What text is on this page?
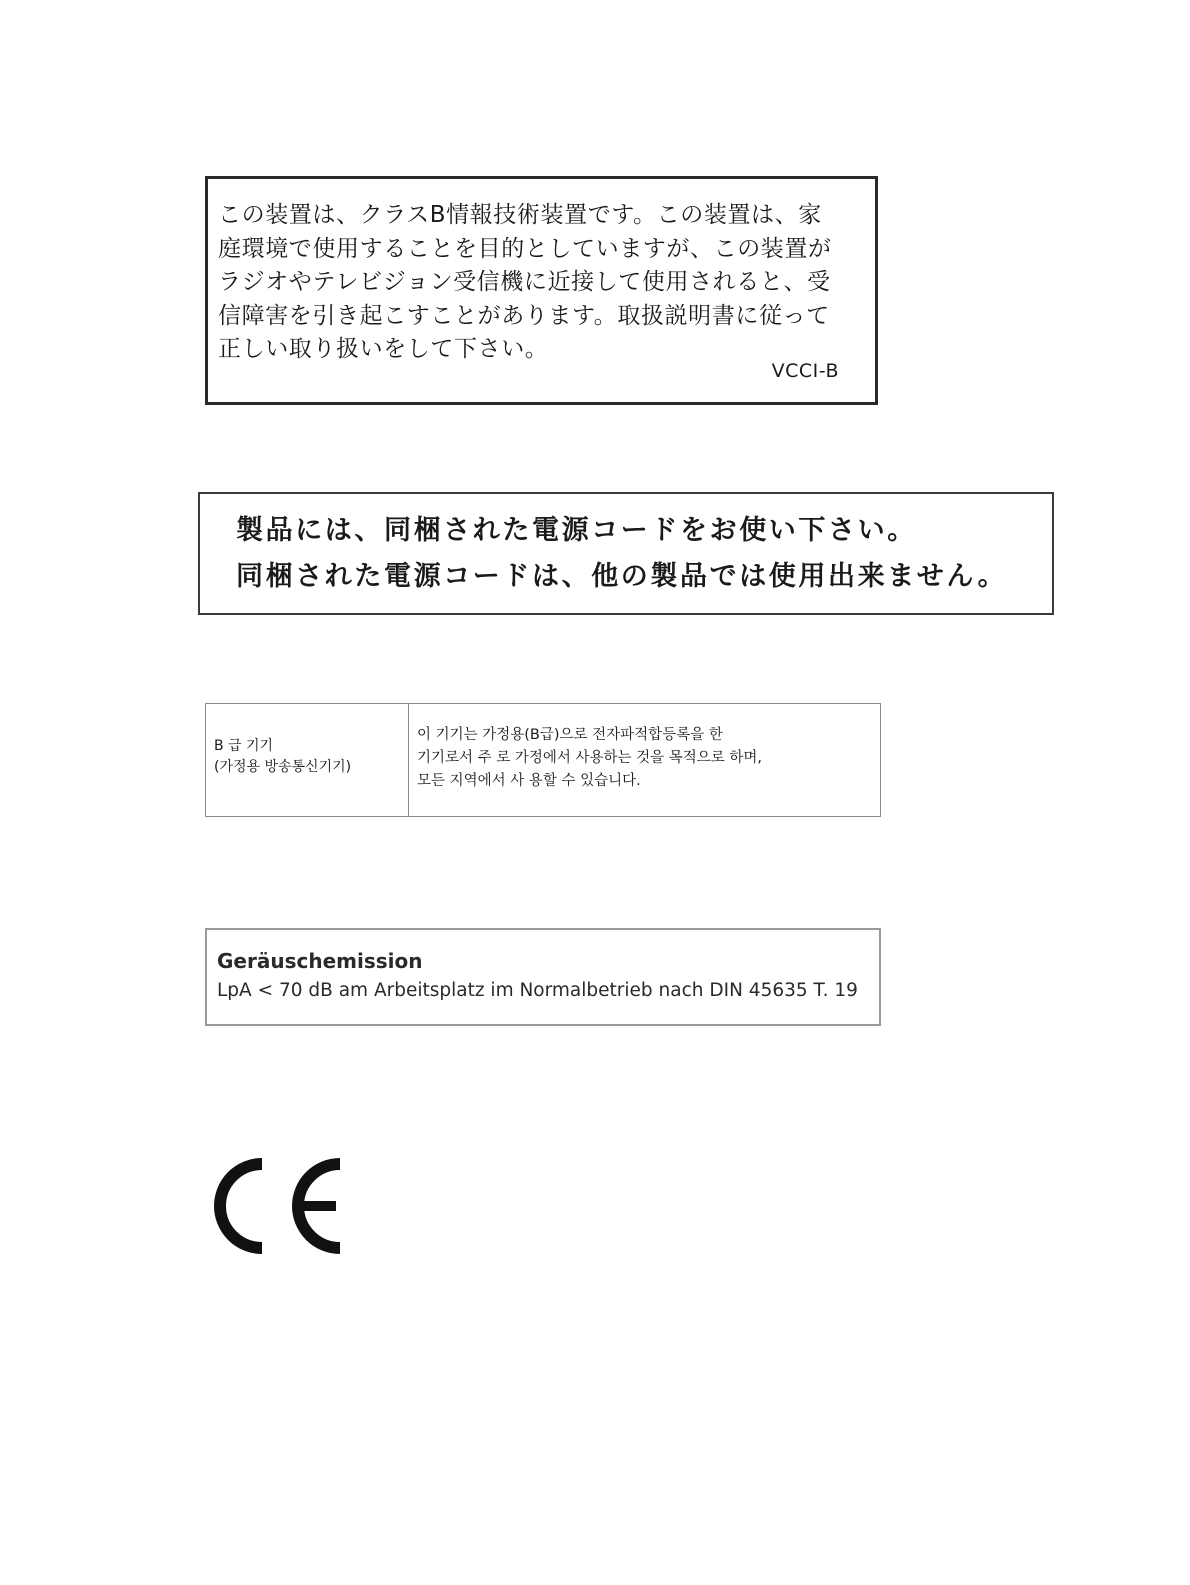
この装置は、クラスB情報技術装置です。この装置は、家
庭環境で使用することを目的としていますが、この装置が
ラジオやテレビジョン受信機に近接して使用されると、受
信障害を引き起こすことがあります。取扱説明書に従って
正しい取り扱いをして下さい。
VCCI-B
製品には、同梱された電源コードをお使い下さい。
同梱された電源コードは、他の製品では使用出来ません。
B 급 기기
(가정용 방송통신기기)
이 기기는 가정용(B급)으로 전자파적합등록을 한
기기로서 주 로 가정에서 사용하는 것을 목적으로 하며,
모든 지역에서 사 용할 수 있습니다.
Geräuschemission
LpA < 70 dB am Arbeitsplatz im Normalbetrieb nach DIN 45635 T. 19
